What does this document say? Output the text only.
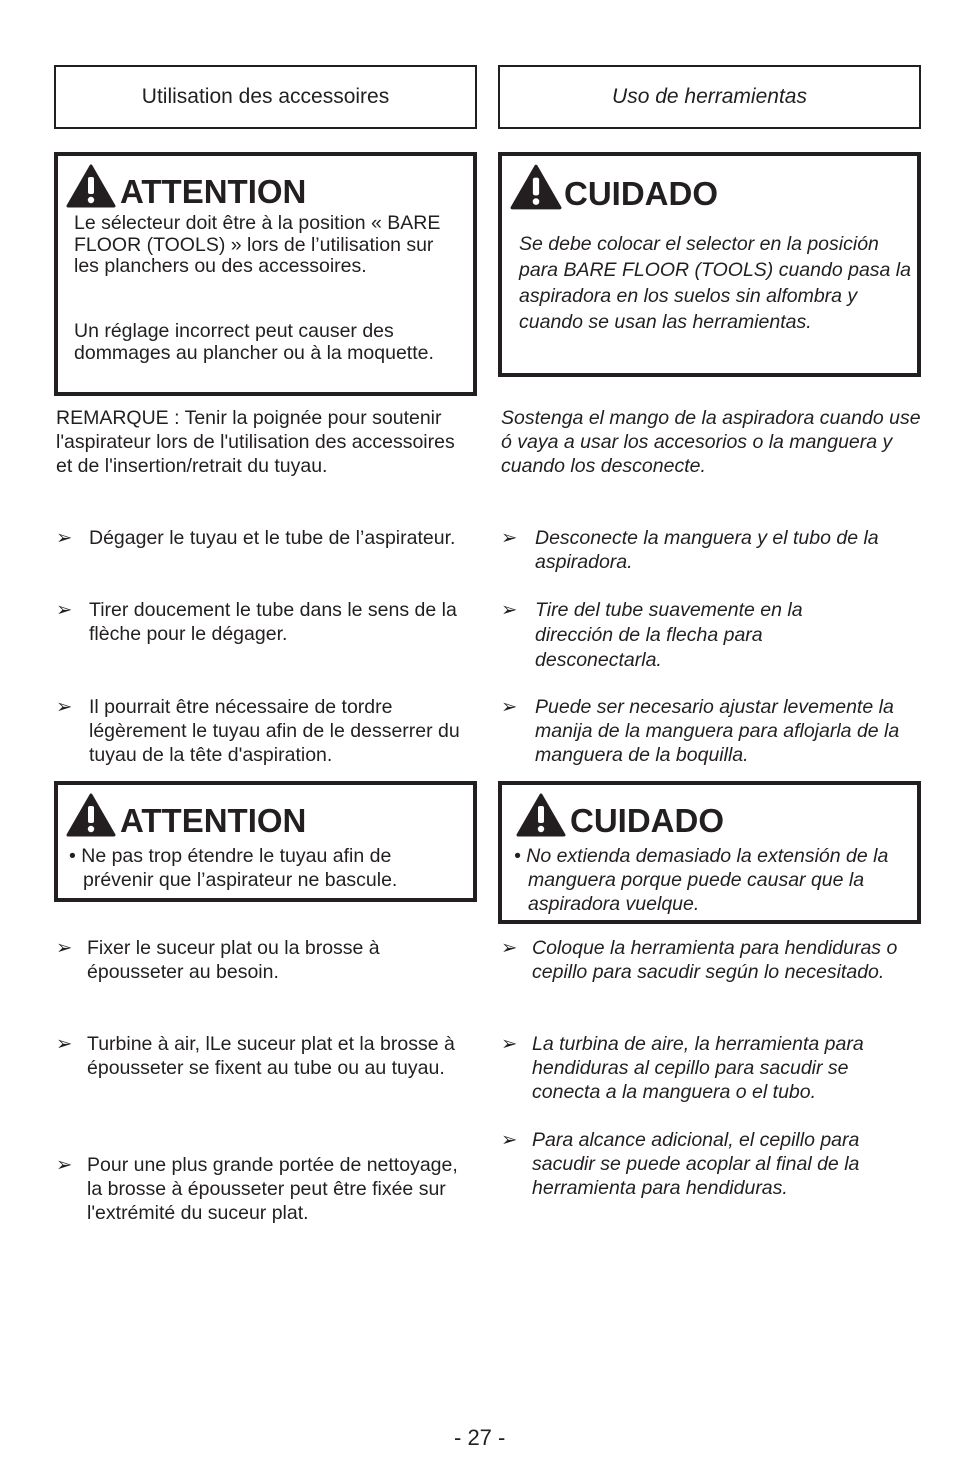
Utilisation des accessoires	Uso de herramientas
ATTENTION
Le sélecteur doit être à la position « BARE FLOOR (TOOLS) » lors de l’utilisation sur les planchers ou des accessoires.
Un réglage incorrect peut causer des dommages au plancher ou à la moquette.
CUIDADO
Se debe colocar el selector en la posición para BARE FLOOR (TOOLS) cuando pasa la aspiradora en los suelos sin alfombra y cuando se usan las herramientas.
REMARQUE : Tenir la poignée pour soutenir l'aspirateur lors de l'utilisation des accessoires et de l'insertion/retrait du tuyau.
Sostenga el mango de la aspiradora cuando use ó vaya a usar los accesorios o la manguera y cuando los desconecte.
➢ Dégager le tuyau et le tube de l’aspirateur.
➢ Tirer doucement le tube dans le sens de la flèche pour le dégager.
➢ Il pourrait être nécessaire de tordre légèrement le tuyau afin de le desserrer du tuyau de la tête d'aspiration.
➢ Desconecte la manguera y el tubo de la aspiradora.
➢ Tire del tube suavemente en la dirección de la flecha para desconectarla.
➢ Puede ser necesario ajustar levemente la manija de la manguera para aflojarla de la manguera de la boquilla.
ATTENTION
• Ne pas trop étendre le tuyau afin de prévenir que l’aspirateur ne bascule.
CUIDADO
• No extienda demasiado la extensión de la manguera porque puede causar que la aspiradora vuelque.
➢ Fixer le suceur plat ou la brosse à épousseter au besoin.
➢ Turbine à air, lLe suceur plat et la brosse à épousseter se fixent au tube ou au tuyau.
➢ Pour une plus grande portée de nettoyage, la brosse à épousseter peut être fixée sur l'extrémité du suceur plat.
➢ Coloque la herramienta para hendiduras o cepillo para sacudir según lo necesitado.
➢ La turbina de aire, la herramienta para hendiduras al cepillo para sacudir se conecta a la manguera o el tubo.
➢ Para alcance adicional, el cepillo para sacudir se puede acoplar al final de la herramienta para hendiduras.
- 27 -
